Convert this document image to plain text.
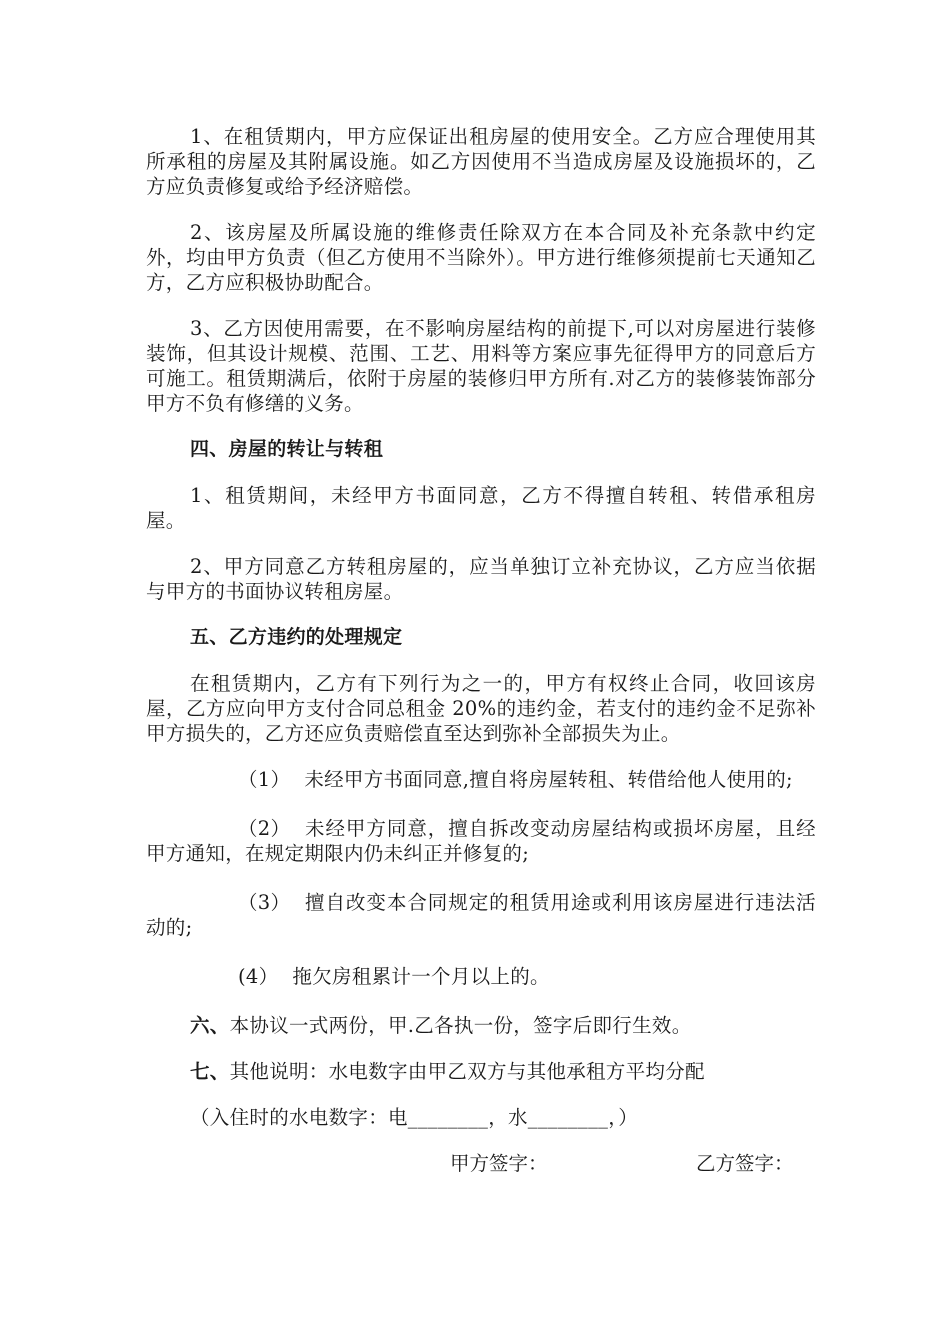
1、在租赁期内，甲方应保证出租房屋的使用安全。乙方应合理使用其所承租的房屋及其附属设施。如乙方因使用不当造成房屋及设施损坏的，乙方应负责修复或给予经济赔偿。

2、该房屋及所属设施的维修责任除双方在本合同及补充条款中约定外，均由甲方负责（但乙方使用不当除外）。甲方进行维修须提前七天通知乙方，乙方应积极协助配合。

3、乙方因使用需要，在不影响房屋结构的前提下,可以对房屋进行装修装饰，但其设计规模、范围、工艺、用料等方案应事先征得甲方的同意后方可施工。租赁期满后，依附于房屋的装修归甲方所有.对乙方的装修装饰部分甲方不负有修缮的义务。

四、房屋的转让与转租

1、租赁期间，未经甲方书面同意，乙方不得擅自转租、转借承租房屋。

2、甲方同意乙方转租房屋的，应当单独订立补充协议，乙方应当依据与甲方的书面协议转租房屋。

五、乙方违约的处理规定

在租赁期内，乙方有下列行为之一的，甲方有权终止合同，收回该房屋，乙方应向甲方支付合同总租金 20%的违约金，若支付的违约金不足弥补甲方损失的，乙方还应负责赔偿直至达到弥补全部损失为止。

（1） 未经甲方书面同意,擅自将房屋转租、转借给他人使用的;

（2） 未经甲方同意，擅自拆改变动房屋结构或损坏房屋，且经甲方通知，在规定期限内仍未纠正并修复的;

（3） 擅自改变本合同规定的租赁用途或利用该房屋进行违法活动的;

(4） 拖欠房租累计一个月以上的。

六、本协议一式两份，甲.乙各执一份，签字后即行生效。

七、其他说明：水电数字由甲乙双方与其他承租方平均分配

（入住时的水电数字：电________，水________，）

甲方签字：	乙方签字：
